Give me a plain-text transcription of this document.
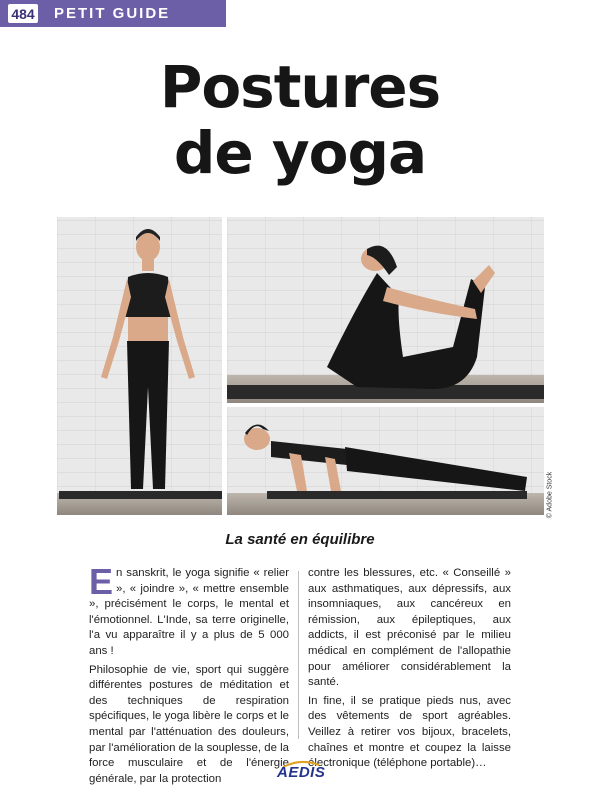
484 PETIT GUIDE
Postures
de yoga
© Adobe Stock
La santé en équilibre

E n sanskrit, le yoga signifie « relier », « joindre », « mettre ensemble », précisément le corps, le mental et l'émotionnel. L'Inde, sa terre originelle, l'a vu apparaître il y a plus de 5 000 ans !

Philosophie de vie, sport qui suggère différentes postures de méditation et des techniques de respiration spécifiques, le yoga libère le corps et le mental par l'atténuation des douleurs, par l'amélioration de la souplesse, de la force musculaire et de l'énergie générale, par la protection

contre les blessures, etc. « Conseillé » aux asthmatiques, aux dépressifs, aux insomniaques, aux cancéreux en rémission, aux épileptiques, aux addicts, il est préconisé par le milieu médical en complément de l'allopathie pour améliorer considérablement la santé.

In fine, il se pratique pieds nus, avec des vêtements de sport agréables. Veillez à retirer vos bijoux, bracelets, chaînes et montre et coupez la laisse électronique (téléphone portable)…

AEDIS
